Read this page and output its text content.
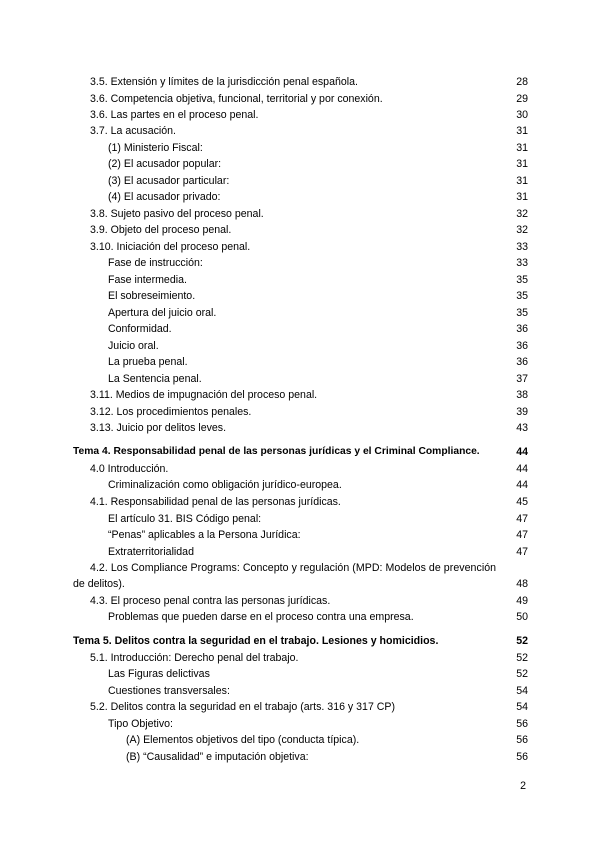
3.5. Extensión y límites de la jurisdicción penal española.	28
3.6. Competencia objetiva, funcional, territorial y por conexión.	29
3.6. Las partes en el proceso penal.	30
3.7. La acusación.	31
(1) Ministerio Fiscal:	31
(2) El acusador popular:	31
(3) El acusador particular:	31
(4) El acusador privado:	31
3.8. Sujeto pasivo del proceso penal.	32
3.9. Objeto del proceso penal.	32
3.10. Iniciación del proceso penal.	33
Fase de instrucción:	33
Fase intermedia.	35
El sobreseimiento.	35
Apertura del juicio oral.	35
Conformidad.	36
Juicio oral.	36
La prueba penal.	36
La Sentencia penal.	37
3.11. Medios de impugnación del proceso penal.	38
3.12. Los procedimientos penales.	39
3.13. Juicio por delitos leves.	43
Tema 4. Responsabilidad penal de las personas jurídicas y el Criminal Compliance.	44
4.0 Introducción.	44
Criminalización como obligación jurídico-europea.	44
4.1. Responsabilidad penal de las personas jurídicas.	45
El artículo 31. BIS Código penal:	47
“Penas” aplicables a la Persona Jurídica:	47
Extraterritorialidad	47
4.2. Los Compliance Programs: Concepto y regulación (MPD: Modelos de prevención
de delitos).	48
4.3. El proceso penal contra las personas jurídicas.	49
Problemas que pueden darse en el proceso contra una empresa.	50
Tema 5. Delitos contra la seguridad en el trabajo. Lesiones y homicidios.	52
5.1. Introducción: Derecho penal del trabajo.	52
Las Figuras delictivas	52
Cuestiones transversales:	54
5.2. Delitos contra la seguridad en el trabajo (arts. 316 y 317 CP)	54
Tipo Objetivo:	56
(A) Elementos objetivos del tipo (conducta típica).	56
(B) “Causalidad” e imputación objetiva:	56
2
